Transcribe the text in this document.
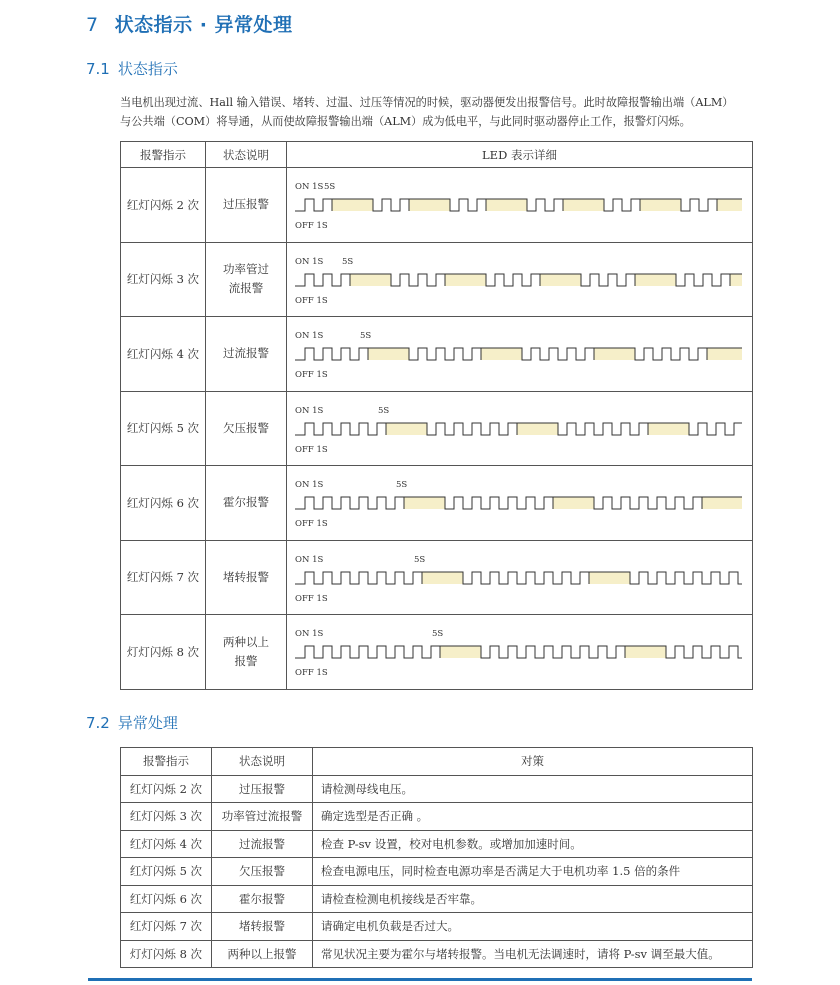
7 状态指示 · 异常处理
7.1 状态指示
当电机出现过流、Hall 输入错误、堵转、过温、过压等情况的时候，驱动器便发出报警信号。此时故障报警输出端（ALM）
与公共端（COM）将导通，从而使故障报警输出端（ALM）成为低电平，与此同时驱动器停止工作，报警灯闪烁。
报警指示	状态说明	LED 表示详细
红灯闪烁 2 次	过压报警	ON 1S
OFF 1S
5S

红灯闪烁 3 次	功率管过流报警	ON 1S
OFF 1S
5S

红灯闪烁 4 次	过流报警	ON 1S
OFF 1S
5S

红灯闪烁 5 次	欠压报警	ON 1S
OFF 1S
5S

红灯闪烁 6 次	霍尔报警	ON 1S
OFF 1S
5S

红灯闪烁 7 次	堵转报警	ON 1S
OFF 1S
5S

灯灯闪烁 8 次	两种以上报警	ON 1S
OFF 1S
5S
7.2 异常处理
报警指示	状态说明	对策
红灯闪烁 2 次	过压报警	请检测母线电压。
红灯闪烁 3 次	功率管过流报警	确定选型是否正确 。
红灯闪烁 4 次	过流报警	检查 P-sv 设置，校对电机参数。或增加加速时间。
红灯闪烁 5 次	欠压报警	检查电源电压，同时检查电源功率是否满足大于电机功率 1.5 倍的条件
红灯闪烁 6 次	霍尔报警	请检查检测电机接线是否牢靠。
红灯闪烁 7 次	堵转报警	请确定电机负载是否过大。
灯灯闪烁 8 次	两种以上报警	常见状况主要为霍尔与堵转报警。当电机无法调速时，请将 P-sv 调至最大值。
